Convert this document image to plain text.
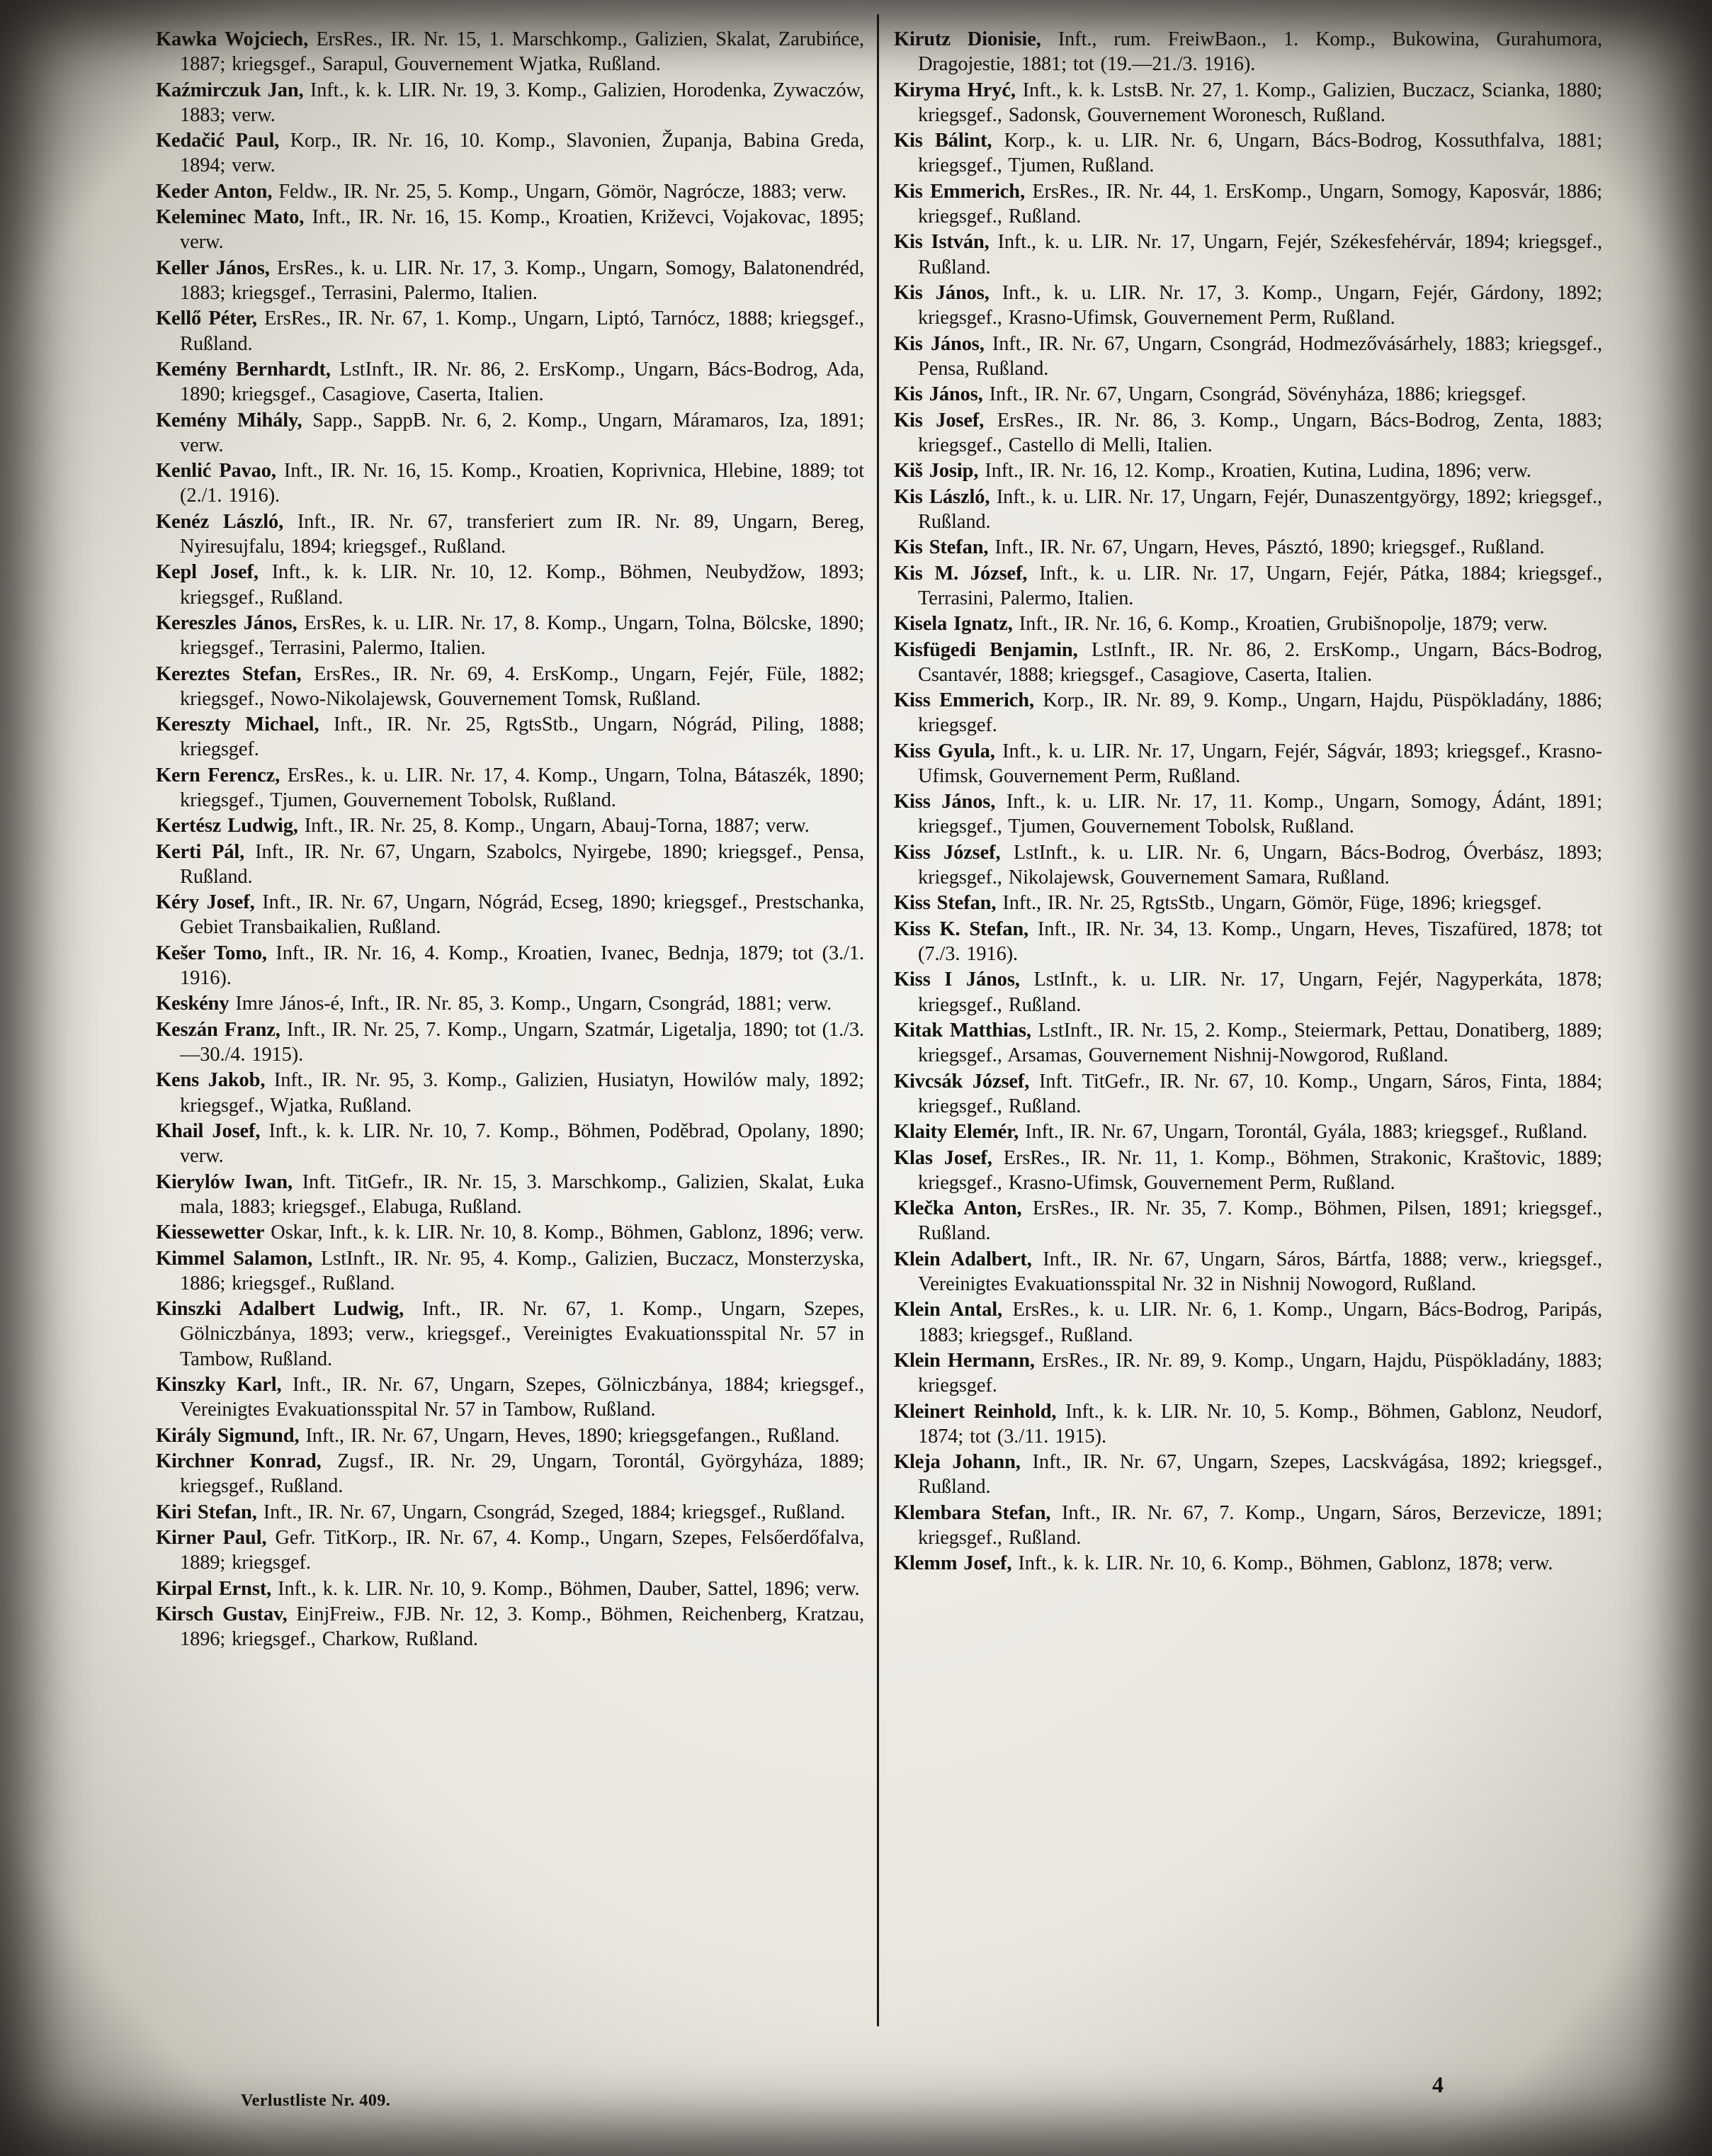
Kawka Wojciech, ErsRes., IR. Nr. 15, 1. Marschkomp., Galizien, Skalat, Zarubińce, 1887; kriegsgef., Sarapul, Gouvernement Wjatka, Rußland.

Kaźmirczuk Jan, Inft., k. k. LIR. Nr. 19, 3. Komp., Galizien, Horodenka, Zywaczów, 1883; verw.

Kedačić Paul, Korp., IR. Nr. 16, 10. Komp., Slavonien, Županja, Babina Greda, 1894; verw.

Keder Anton, Feldw., IR. Nr. 25, 5. Komp., Ungarn, Gömör, Nagrócze, 1883; verw.

Keleminec Mato, Inft., IR. Nr. 16, 15. Komp., Kroatien, Križevci, Vojakovac, 1895; verw.

Keller János, ErsRes., k. u. LIR. Nr. 17, 3. Komp., Ungarn, Somogy, Balatonendréd, 1883; kriegsgef., Terrasini, Palermo, Italien.

Kellő Péter, ErsRes., IR. Nr. 67, 1. Komp., Ungarn, Liptó, Tarnócz, 1888; kriegsgef., Rußland.

Kemény Bernhardt, LstInft., IR. Nr. 86, 2. ErsKomp., Ungarn, Bács-Bodrog, Ada, 1890; kriegsgef., Casagiove, Caserta, Italien.

Kemény Mihály, Sapp., SappB. Nr. 6, 2. Komp., Ungarn, Máramaros, Iza, 1891; verw.

Kenlić Pavao, Inft., IR. Nr. 16, 15. Komp., Kroatien, Koprivnica, Hlebine, 1889; tot (2./1. 1916).

Kenéz László, Inft., IR. Nr. 67, transferiert zum IR. Nr. 89, Ungarn, Bereg, Nyiresujfalu, 1894; kriegsgef., Rußland.

Kepl Josef, Inft., k. k. LIR. Nr. 10, 12. Komp., Böhmen, Neubydžow, 1893; kriegsgef., Rußland.

Kereszles János, ErsRes, k. u. LIR. Nr. 17, 8. Komp., Ungarn, Tolna, Bölcske, 1890; kriegsgef., Terrasini, Palermo, Italien.

Kereztes Stefan, ErsRes., IR. Nr. 69, 4. ErsKomp., Ungarn, Fejér, Füle, 1882; kriegsgef., Nowo-Nikolajewsk, Gouvernement Tomsk, Rußland.

Kereszty Michael, Inft., IR. Nr. 25, RgtsStb., Ungarn, Nógrád, Piling, 1888; kriegsgef.

Kern Ferencz, ErsRes., k. u. LIR. Nr. 17, 4. Komp., Ungarn, Tolna, Bátaszék, 1890; kriegsgef., Tjumen, Gouvernement Tobolsk, Rußland.

Kertész Ludwig, Inft., IR. Nr. 25, 8. Komp., Ungarn, Abauj-Torna, 1887; verw.

Kerti Pál, Inft., IR. Nr. 67, Ungarn, Szabolcs, Nyirgebe, 1890; kriegsgef., Pensa, Rußland.

Kéry Josef, Inft., IR. Nr. 67, Ungarn, Nógrád, Ecseg, 1890; kriegsgef., Prestschanka, Gebiet Transbaikalien, Rußland.

Kešer Tomo, Inft., IR. Nr. 16, 4. Komp., Kroatien, Ivanec, Bednja, 1879; tot (3./1. 1916).

Keskény Imre János-é, Inft., IR. Nr. 85, 3. Komp., Ungarn, Csongrád, 1881; verw.

Keszán Franz, Inft., IR. Nr. 25, 7. Komp., Ungarn, Szatmár, Ligetalja, 1890; tot (1./3.—30./4. 1915).

Kens Jakob, Inft., IR. Nr. 95, 3. Komp., Galizien, Husiatyn, Howilów maly, 1892; kriegsgef., Wjatka, Rußland.

Khail Josef, Inft., k. k. LIR. Nr. 10, 7. Komp., Böhmen, Poděbrad, Opolany, 1890; verw.

Kierylów Iwan, Inft. TitGefr., IR. Nr. 15, 3. Marschkomp., Galizien, Skalat, Łuka mala, 1883; kriegsgef., Elabuga, Rußland.

Kiessewetter Oskar, Inft., k. k. LIR. Nr. 10, 8. Komp., Böhmen, Gablonz, 1896; verw.

Kimmel Salamon, LstInft., IR. Nr. 95, 4. Komp., Galizien, Buczacz, Monsterzyska, 1886; kriegsgef., Rußland.

Kinszki Adalbert Ludwig, Inft., IR. Nr. 67, 1. Komp., Ungarn, Szepes, Gölniczbánya, 1893; verw., kriegsgef., Vereinigtes Evakuationsspital Nr. 57 in Tambow, Rußland.

Kinszky Karl, Inft., IR. Nr. 67, Ungarn, Szepes, Gölniczbánya, 1884; kriegsgef., Vereinigtes Evakuationsspital Nr. 57 in Tambow, Rußland.

Király Sigmund, Inft., IR. Nr. 67, Ungarn, Heves, 1890; kriegsgefangen., Rußland.

Kirchner Konrad, Zugsf., IR. Nr. 29, Ungarn, Torontál, Györgyháza, 1889; kriegsgef., Rußland.

Kiri Stefan, Inft., IR. Nr. 67, Ungarn, Csongrád, Szeged, 1884; kriegsgef., Rußland.

Kirner Paul, Gefr. TitKorp., IR. Nr. 67, 4. Komp., Ungarn, Szepes, Felsőerdőfalva, 1889; kriegsgef.

Kirpal Ernst, Inft., k. k. LIR. Nr. 10, 9. Komp., Böhmen, Dauber, Sattel, 1896; verw.

Kirsch Gustav, EinjFreiw., FJB. Nr. 12, 3. Komp., Böhmen, Reichenberg, Kratzau, 1896; kriegsgef., Charkow, Rußland.

Kirutz Dionisie, Inft., rum. FreiwBaon., 1. Komp., Bukowina, Gurahumora, Dragojestie, 1881; tot (19.—21./3. 1916).

Kiryma Hryć, Inft., k. k. LstsB. Nr. 27, 1. Komp., Galizien, Buczacz, Scianka, 1880; kriegsgef., Sadonsk, Gouvernement Woronesch, Rußland.

Kis Bálint, Korp., k. u. LIR. Nr. 6, Ungarn, Bács-Bodrog, Kossuthfalva, 1881; kriegsgef., Tjumen, Rußland.

Kis Emmerich, ErsRes., IR. Nr. 44, 1. ErsKomp., Ungarn, Somogy, Kaposvár, 1886; kriegsgef., Rußland.

Kis István, Inft., k. u. LIR. Nr. 17, Ungarn, Fejér, Székesfehérvár, 1894; kriegsgef., Rußland.

Kis János, Inft., k. u. LIR. Nr. 17, 3. Komp., Ungarn, Fejér, Gárdony, 1892; kriegsgef., Krasno-Ufimsk, Gouvernement Perm, Rußland.

Kis János, Inft., IR. Nr. 67, Ungarn, Csongrád, Hodmezővásárhely, 1883; kriegsgef., Pensa, Rußland.

Kis János, Inft., IR. Nr. 67, Ungarn, Csongrád, Sövényháza, 1886; kriegsgef.

Kis Josef, ErsRes., IR. Nr. 86, 3. Komp., Ungarn, Bács-Bodrog, Zenta, 1883; kriegsgef., Castello di Melli, Italien.

Kiš Josip, Inft., IR. Nr. 16, 12. Komp., Kroatien, Kutina, Ludina, 1896; verw.

Kis László, Inft., k. u. LIR. Nr. 17, Ungarn, Fejér, Dunaszentgyörgy, 1892; kriegsgef., Rußland.

Kis Stefan, Inft., IR. Nr. 67, Ungarn, Heves, Pásztó, 1890; kriegsgef., Rußland.

Kis M. József, Inft., k. u. LIR. Nr. 17, Ungarn, Fejér, Pátka, 1884; kriegsgef., Terrasini, Palermo, Italien.

Kisela Ignatz, Inft., IR. Nr. 16, 6. Komp., Kroatien, Grubišnopolje, 1879; verw.

Kisfügedi Benjamin, LstInft., IR. Nr. 86, 2. ErsKomp., Ungarn, Bács-Bodrog, Csantavér, 1888; kriegsgef., Casagiove, Caserta, Italien.

Kiss Emmerich, Korp., IR. Nr. 89, 9. Komp., Ungarn, Hajdu, Püspökladány, 1886; kriegsgef.

Kiss Gyula, Inft., k. u. LIR. Nr. 17, Ungarn, Fejér, Ságvár, 1893; kriegsgef., Krasno-Ufimsk, Gouvernement Perm, Rußland.

Kiss János, Inft., k. u. LIR. Nr. 17, 11. Komp., Ungarn, Somogy, Ádánt, 1891; kriegsgef., Tjumen, Gouvernement Tobolsk, Rußland.

Kiss József, LstInft., k. u. LIR. Nr. 6, Ungarn, Bács-Bodrog, Óverbász, 1893; kriegsgef., Nikolajewsk, Gouvernement Samara, Rußland.

Kiss Stefan, Inft., IR. Nr. 25, RgtsStb., Ungarn, Gömör, Füge, 1896; kriegsgef.

Kiss K. Stefan, Inft., IR. Nr. 34, 13. Komp., Ungarn, Heves, Tiszafüred, 1878; tot (7./3. 1916).

Kiss I János, LstInft., k. u. LIR. Nr. 17, Ungarn, Fejér, Nagyperkáta, 1878; kriegsgef., Rußland.

Kitak Matthias, LstInft., IR. Nr. 15, 2. Komp., Steiermark, Pettau, Donatiberg, 1889; kriegsgef., Arsamas, Gouvernement Nishnij-Nowgorod, Rußland.

Kivcsák József, Inft. TitGefr., IR. Nr. 67, 10. Komp., Ungarn, Sáros, Finta, 1884; kriegsgef., Rußland.

Klaity Elemér, Inft., IR. Nr. 67, Ungarn, Torontál, Gyála, 1883; kriegsgef., Rußland.

Klas Josef, ErsRes., IR. Nr. 11, 1. Komp., Böhmen, Strakonic, Kraštovic, 1889; kriegsgef., Krasno-Ufimsk, Gouvernement Perm, Rußland.

Klečka Anton, ErsRes., IR. Nr. 35, 7. Komp., Böhmen, Pilsen, 1891; kriegsgef., Rußland.

Klein Adalbert, Inft., IR. Nr. 67, Ungarn, Sáros, Bártfa, 1888; verw., kriegsgef., Vereinigtes Evakuationsspital Nr. 32 in Nishnij Nowogord, Rußland.

Klein Antal, ErsRes., k. u. LIR. Nr. 6, 1. Komp., Ungarn, Bács-Bodrog, Paripás, 1883; kriegsgef., Rußland.

Klein Hermann, ErsRes., IR. Nr. 89, 9. Komp., Ungarn, Hajdu, Püspökladány, 1883; kriegsgef.

Kleinert Reinhold, Inft., k. k. LIR. Nr. 10, 5. Komp., Böhmen, Gablonz, Neudorf, 1874; tot (3./11. 1915).

Kleja Johann, Inft., IR. Nr. 67, Ungarn, Szepes, Lacskvágása, 1892; kriegsgef., Rußland.

Klembara Stefan, Inft., IR. Nr. 67, 7. Komp., Ungarn, Sáros, Berzevicze, 1891; kriegsgef., Rußland.

Klemm Josef, Inft., k. k. LIR. Nr. 10, 6. Komp., Böhmen, Gablonz, 1878; verw.

Verlustliste Nr. 409.
4
